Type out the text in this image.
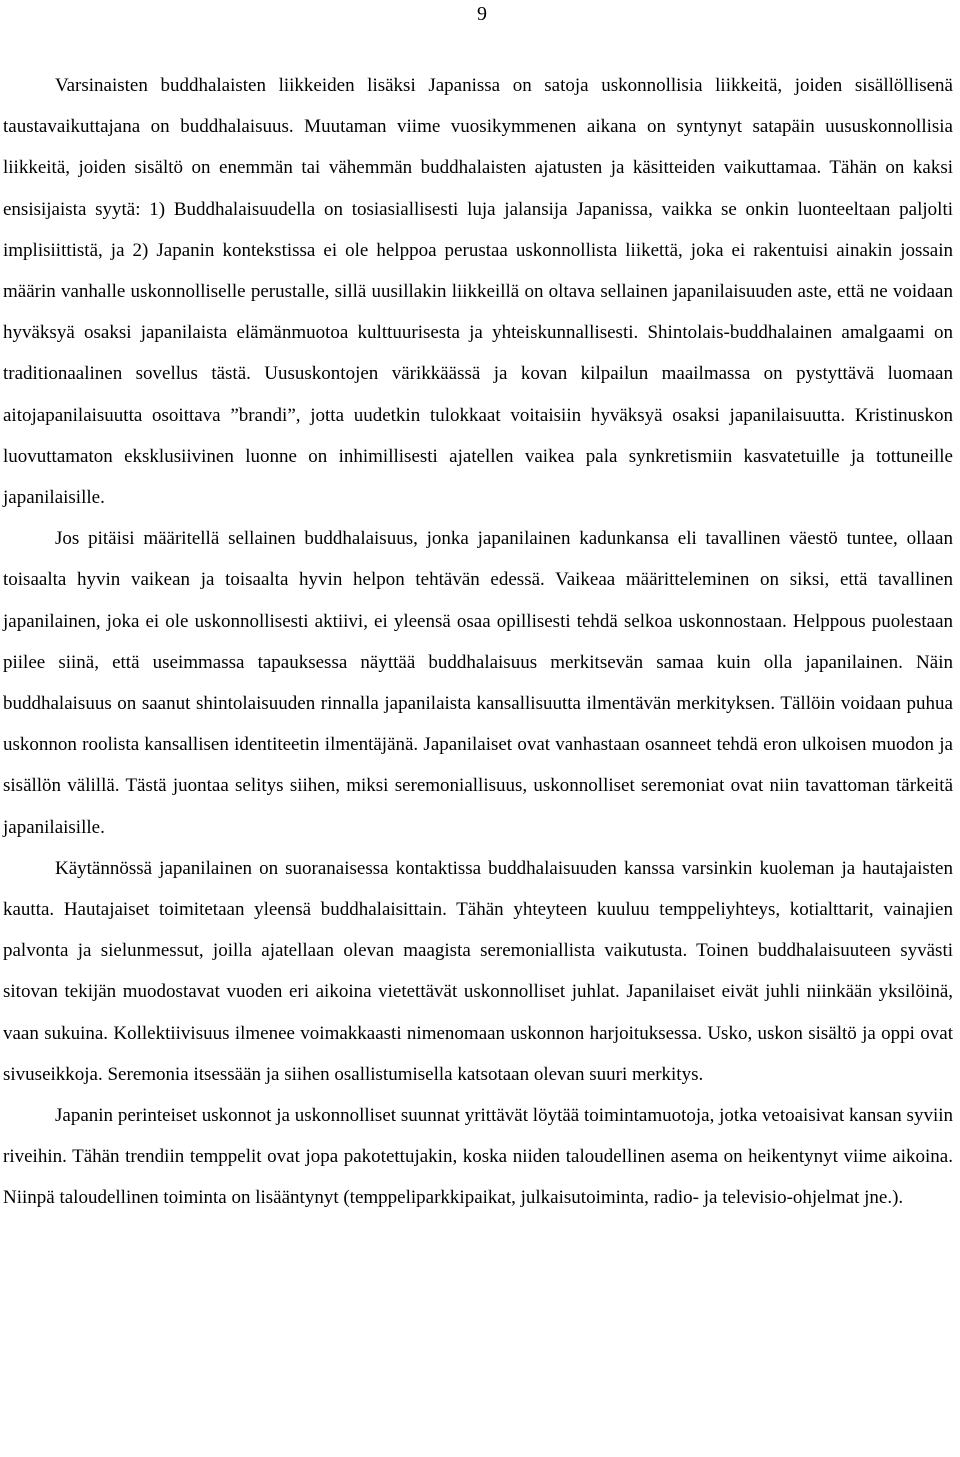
9

Varsinaisten buddhalaisten liikkeiden lisäksi Japanissa on satoja uskonnollisia liikkeitä, joiden sisällöllisenä taustavaikuttajana on buddhalaisuus. Muutaman viime vuosikymmenen aikana on syntynyt satapäin uususkonnollisia liikkeitä, joiden sisältö on enemmän tai vähemmän buddhalaisten ajatusten ja käsitteiden vaikuttamaa. Tähän on kaksi ensisijaista syytä: 1) Buddhalaisuudella on tosiasiallisesti luja jalansija Japanissa, vaikka se onkin luonteeltaan paljolti implisiittistä, ja 2) Japanin kontekstissa ei ole helppoa perustaa uskonnollista liikettä, joka ei rakentuisi ainakin jossain määrin vanhalle uskonnolliselle perustalle, sillä uusillakin liikkeillä on oltava sellainen japanilaisuuden aste, että ne voidaan hyväksyä osaksi japanilaista elämänmuotoa kulttuurisesta ja yhteiskunnallisesti. Shintolais-buddhalainen amalgaami on traditionaalinen sovellus tästä. Uususkontojen värikkäässä ja kovan kilpailun maailmassa on pystyttävä luomaan aitojapanilaisuutta osoittava ”brandi”, jotta uudetkin tulokkaat voitaisiin hyväksyä osaksi japanilaisuutta. Kristinuskon luovuttamaton eksklusiivinen luonne on inhimillisesti ajatellen vaikea pala synkretismiin kasvatetuille ja tottuneille japanilaisille.

Jos pitäisi määritellä sellainen buddhalaisuus, jonka japanilainen kadunkansa eli tavallinen väestö tuntee, ollaan toisaalta hyvin vaikean ja toisaalta hyvin helpon tehtävän edessä. Vaikeaa määritteleminen on siksi, että tavallinen japanilainen, joka ei ole uskonnollisesti aktiivi, ei yleensä osaa opillisesti tehdä selkoa uskonnostaan. Helppous puolestaan piilee siinä, että useimmassa tapauksessa näyttää buddhalaisuus merkitsevän samaa kuin olla japanilainen. Näin buddhalaisuus on saanut shintolaisuuden rinnalla japanilaista kansallisuutta ilmentävän merkityksen. Tällöin voidaan puhua uskonnon roolista kansallisen identiteetin ilmentäjänä. Japanilaiset ovat vanhastaan osanneet tehdä eron ulkoisen muodon ja sisällön välillä. Tästä juontaa selitys siihen, miksi seremoniallisuus, uskonnolliset seremoniat ovat niin tavattoman tärkeitä japanilaisille.

Käytännössä japanilainen on suoranaisessa kontaktissa buddhalaisuuden kanssa varsinkin kuoleman ja hautajaisten kautta. Hautajaiset toimitetaan yleensä buddhalaisittain. Tähän yhteyteen kuuluu temppeliyhteys, kotialttarit, vainajien palvonta ja sielunmessut, joilla ajatellaan olevan maagista seremoniallista vaikutusta. Toinen buddhalaisuuteen syvästi sitovan tekijän muodostavat vuoden eri aikoina vietettävät uskonnolliset juhlat. Japanilaiset eivät juhli niinkään yksilöinä, vaan sukuina. Kollektiivisuus ilmenee voimakkaasti nimenomaan uskonnon harjoituksessa. Usko, uskon sisältö ja oppi ovat sivuseikkoja. Seremonia itsessään ja siihen osallistumisella katsotaan olevan suuri merkitys.

Japanin perinteiset uskonnot ja uskonnolliset suunnat yrittävät löytää toimintamuotoja, jotka vetoaisivat kansan syviin riveihin. Tähän trendiin temppelit ovat jopa pakotettujakin, koska niiden taloudellinen asema on heikentynyt viime aikoina. Niinpä taloudellinen toiminta on lisääntynyt (temppeliparkkipaikat, julkaisutoiminta, radio- ja televisio-ohjelmat jne.).
